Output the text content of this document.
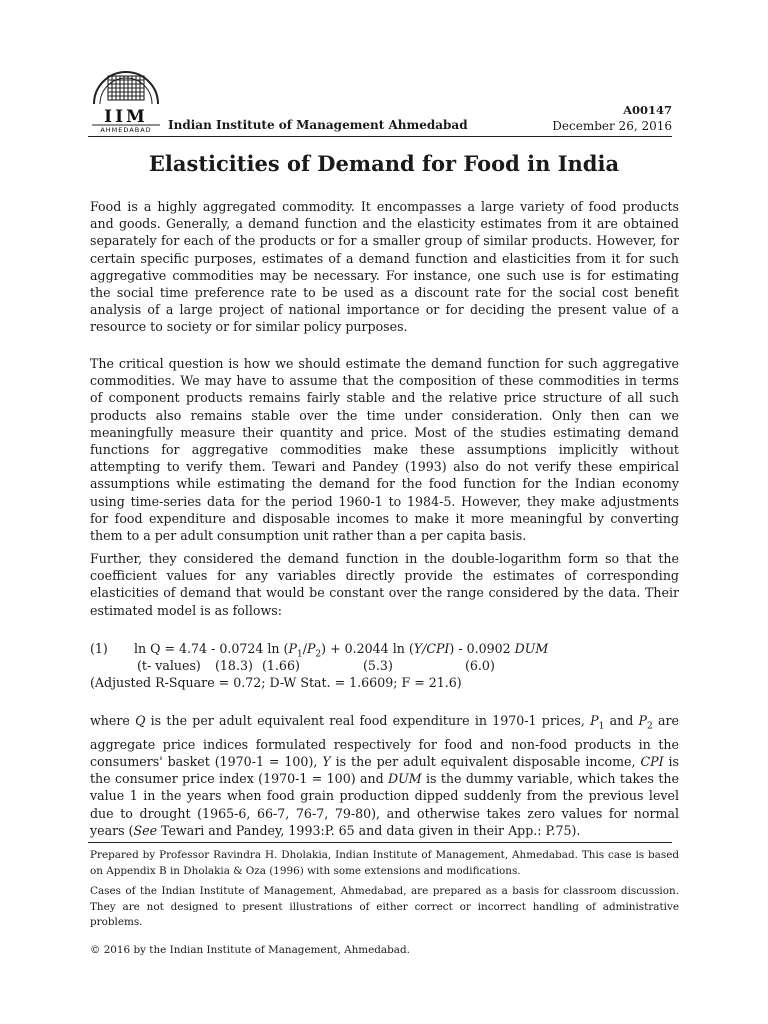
IIM
AHMEDABAD Indian Institute of Management Ahmedabad
A00147
December 26, 2016
Elasticities of Demand for Food in India

Food is a highly aggregated commodity. It encompasses a large variety of food products and goods. Generally, a demand function and the elasticity estimates from it are obtained separately for each of the products or for a smaller group of similar products. However, for certain specific purposes, estimates of a demand function and elasticities from it for such aggregative commodities may be necessary. For instance, one such use is for estimating the social time preference rate to be used as a discount rate for the social cost benefit analysis of a large project of national importance or for deciding the present value of a resource to society or for similar policy purposes.

The critical question is how we should estimate the demand function for such aggregative commodities. We may have to assume that the composition of these commodities in terms of component products remains fairly stable and the relative price structure of all such products also remains stable over the time under consideration. Only then can we meaningfully measure their quantity and price. Most of the studies estimating demand functions for aggregative commodities make these assumptions implicitly without attempting to verify them. Tewari and Pandey (1993) also do not verify these empirical assumptions while estimating the demand for the food function for the Indian economy using time-series data for the period 1960-1 to 1984-5. However, they make adjustments for food expenditure and disposable incomes to make it more meaningful by converting them to a per adult consumption unit rather than a per capita basis.

Further, they considered the demand function in the double-logarithm form so that the coefficient values for any variables directly provide the estimates of corresponding elasticities of demand that would be constant over the range considered by the data. Their estimated model is as follows:

(1) ln Q = 4.74 - 0.0724 $\ln (P_1/P_2) + 0.2044$ ln (Y/CPI) - 0.0902 DUM
(t- values) (18.3) (1.66)	(5.3)	(6.0)
(Adjusted R-Square = 0.72; D-W Stat. = 1.6609; F = 21.6)

where Q is the per adult equivalent real food expenditure in 1970-1 prices, $P_1$ and $P_2$ are aggregate price indices formulated respectively for food and non-food products in the consumers' basket (1970-1 = 100), Y is the per adult equivalent disposable income, CPI is the consumer price index (1970-1 = 100) and DUM is the dummy variable, which takes the value 1 in the years when food grain production dipped suddenly from the previous level due to drought (1965-6, 66-7, 76-7, 79-80), and otherwise takes zero values for normal years (See Tewari and Pandey, 1993:P. 65 and data given in their App.: P.75).

Prepared by Professor Ravindra H. Dholakia, Indian Institute of Management, Ahmedabad. This case is based on Appendix B in Dholakia & Oza (1996) with some extensions and modifications.

Cases of the Indian Institute of Management, Ahmedabad, are prepared as a basis for classroom discussion. They are not designed to present illustrations of either correct or incorrect handling of administrative problems.

© 2016 by the Indian Institute of Management, Ahmedabad.
